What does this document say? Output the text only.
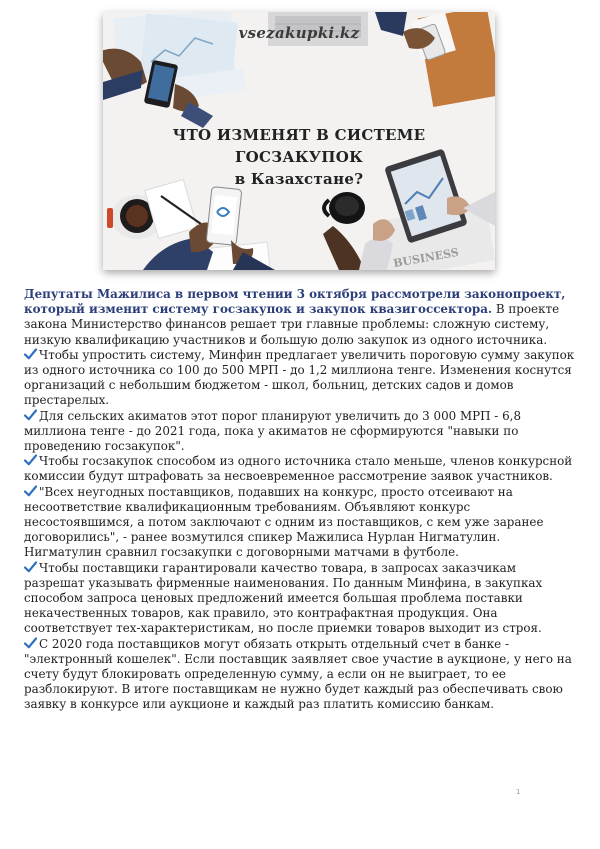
BUSINESS
vsezakupki.kz
ЧТО ИЗМЕНЯТ В СИСТЕМЕ
ГОСЗАКУПОК
в Казахстане?

Депутаты Мажилиса в первом чтении 3 октября рассмотрели законопроект, который изменит систему госзакупок и закупок квазигоссектора. В проекте закона Министерство финансов решает три главные проблемы: сложную систему, низкую квалификацию участников и большую долю закупок из одного источника.

Чтобы упростить систему, Минфин предлагает увеличить пороговую сумму закупок из одного источника со 100 до 500 МРП - до 1,2 миллиона тенге. Изменения коснутся организаций с небольшим бюджетом - школ, больниц, детских садов и домов престарелых.

Для сельских акиматов этот порог планируют увеличить до 3 000 МРП - 6,8 миллиона тенге - до 2021 года, пока у акиматов не сформируются "навыки по проведению госзакупок".

Чтобы госзакупок способом из одного источника стало меньше, членов конкурсной комиссии будут штрафовать за несвоевременное рассмотрение заявок участников.

"Всех неугодных поставщиков, подавших на конкурс, просто отсеивают на несоответствие квалификационным требованиям. Объявляют конкурс несостоявшимся, а потом заключают с одним из поставщиков, с кем уже заранее договорились", - ранее возмутился спикер Мажилиса Нурлан Нигматулин.

Нигматулин сравнил госзакупки с договорными матчами в футболе.

Чтобы поставщики гарантировали качество товара, в запросах заказчикам разрешат указывать фирменные наименования. По данным Минфина, в закупках способом запроса ценовых предложений имеется большая проблема поставки некачественных товаров, как правило, это контрафактная продукция. Она соответствует тех-характеристикам, но после приемки товаров выходит из строя.

С 2020 года поставщиков могут обязать открыть отдельный счет в банке - "электронный кошелек". Если поставщик заявляет свое участие в аукционе, у него на счету будут блокировать определенную сумму, а если он не выиграет, то ее разблокируют. В итоге поставщикам не нужно будет каждый раз обеспечивать свою заявку в конкурсе или аукционе и каждый раз платить комиссию банкам.

1
